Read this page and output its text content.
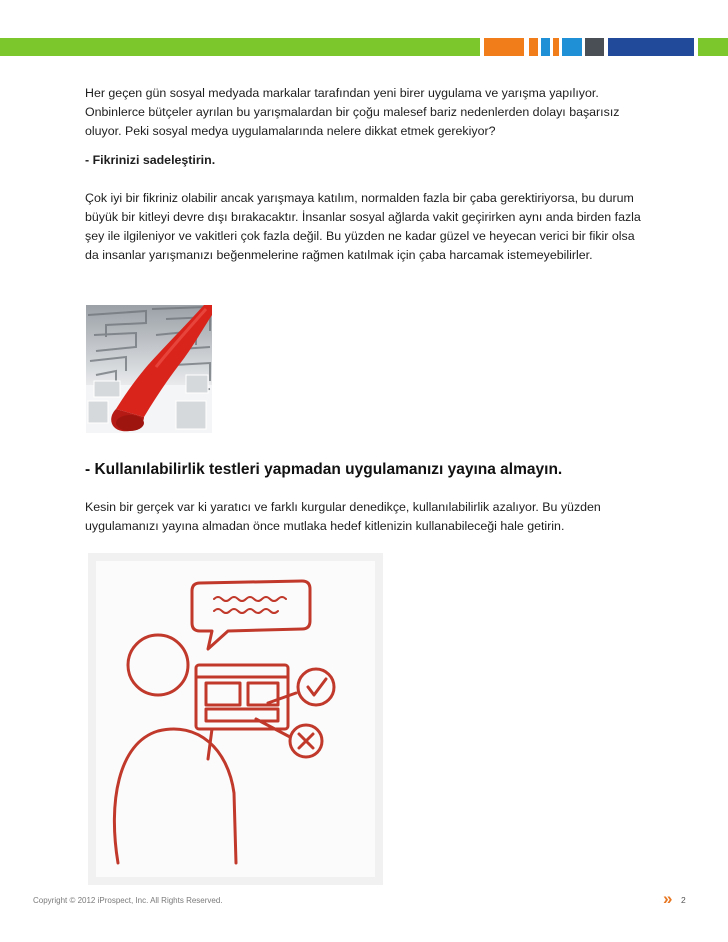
Her geçen gün sosyal medyada markalar tarafından yeni birer uygulama ve yarışma yapılıyor. Onbinlerce bütçeler ayrılan bu yarışmalardan bir çoğu malesef bariz nedenlerden dolayı başarısız oluyor. Peki sosyal medya uygulamalarında nelere dikkat etmek gerekiyor?

- Fikrinizi sadeleştirin.

Çok iyi bir fikriniz olabilir ancak yarışmaya katılım, normalden fazla bir çaba gerektiriyorsa, bu durum büyük bir kitleyi devre dışı bırakacaktır. İnsanlar sosyal ağlarda vakit geçirirken aynı anda birden fazla şey ile ilgileniyor ve vakitleri çok fazla değil. Bu yüzden ne kadar güzel ve heyecan verici bir fikir olsa da insanlar yarışmanızı beğenmelerine rağmen katılmak için çaba harcamak istemeyebilirler.

- Kullanılabilirlik testleri yapmadan uygulamanızı yayına almayın.

Kesin bir gerçek var ki yaratıcı ve farklı kurgular denedikçe, kullanılabilirlik azalıyor. Bu yüzden uygulamanızı yayına almadan önce mutlaka hedef kitlenizin kullanabileceği hale getirin.

Copyright © 2012 iProspect, Inc. All Rights Reserved.	» 2
